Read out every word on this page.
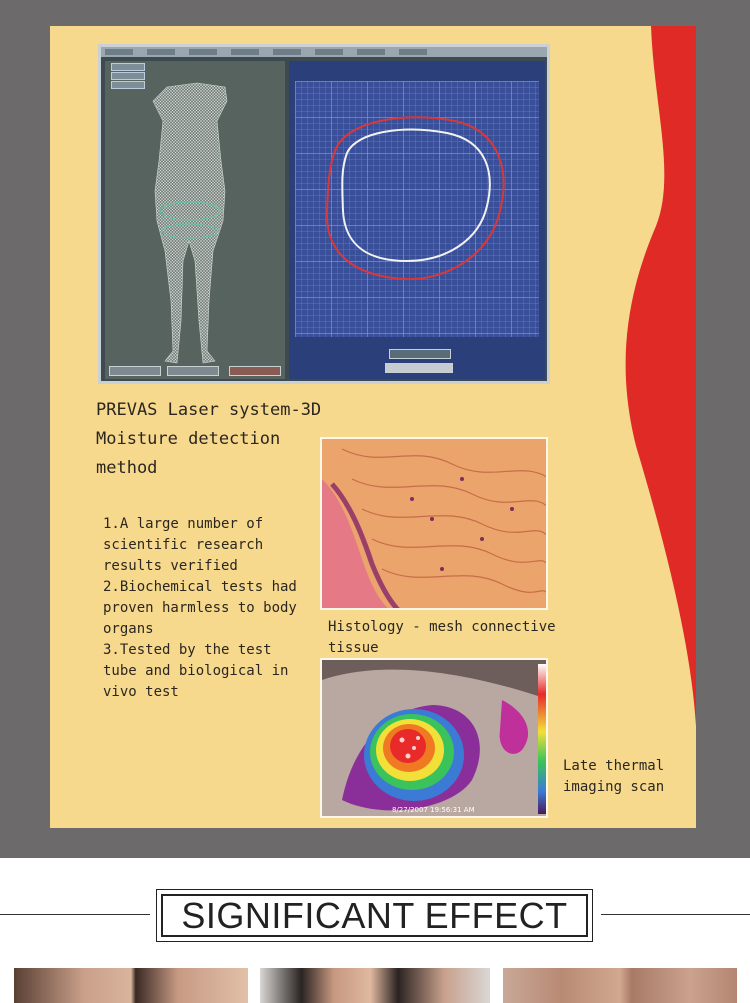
PREVAS Laser system-3D
Moisture detection
method
1.A large number of
scientific research
results verified
2.Biochemical tests had
proven harmless to body
organs
3.Tested by the test
tube and biological in
vivo test
Histology - mesh connective
tissue
8/27/2007 19:56:31 AM
Late thermal
imaging scan
SIGNIFICANT EFFECT
